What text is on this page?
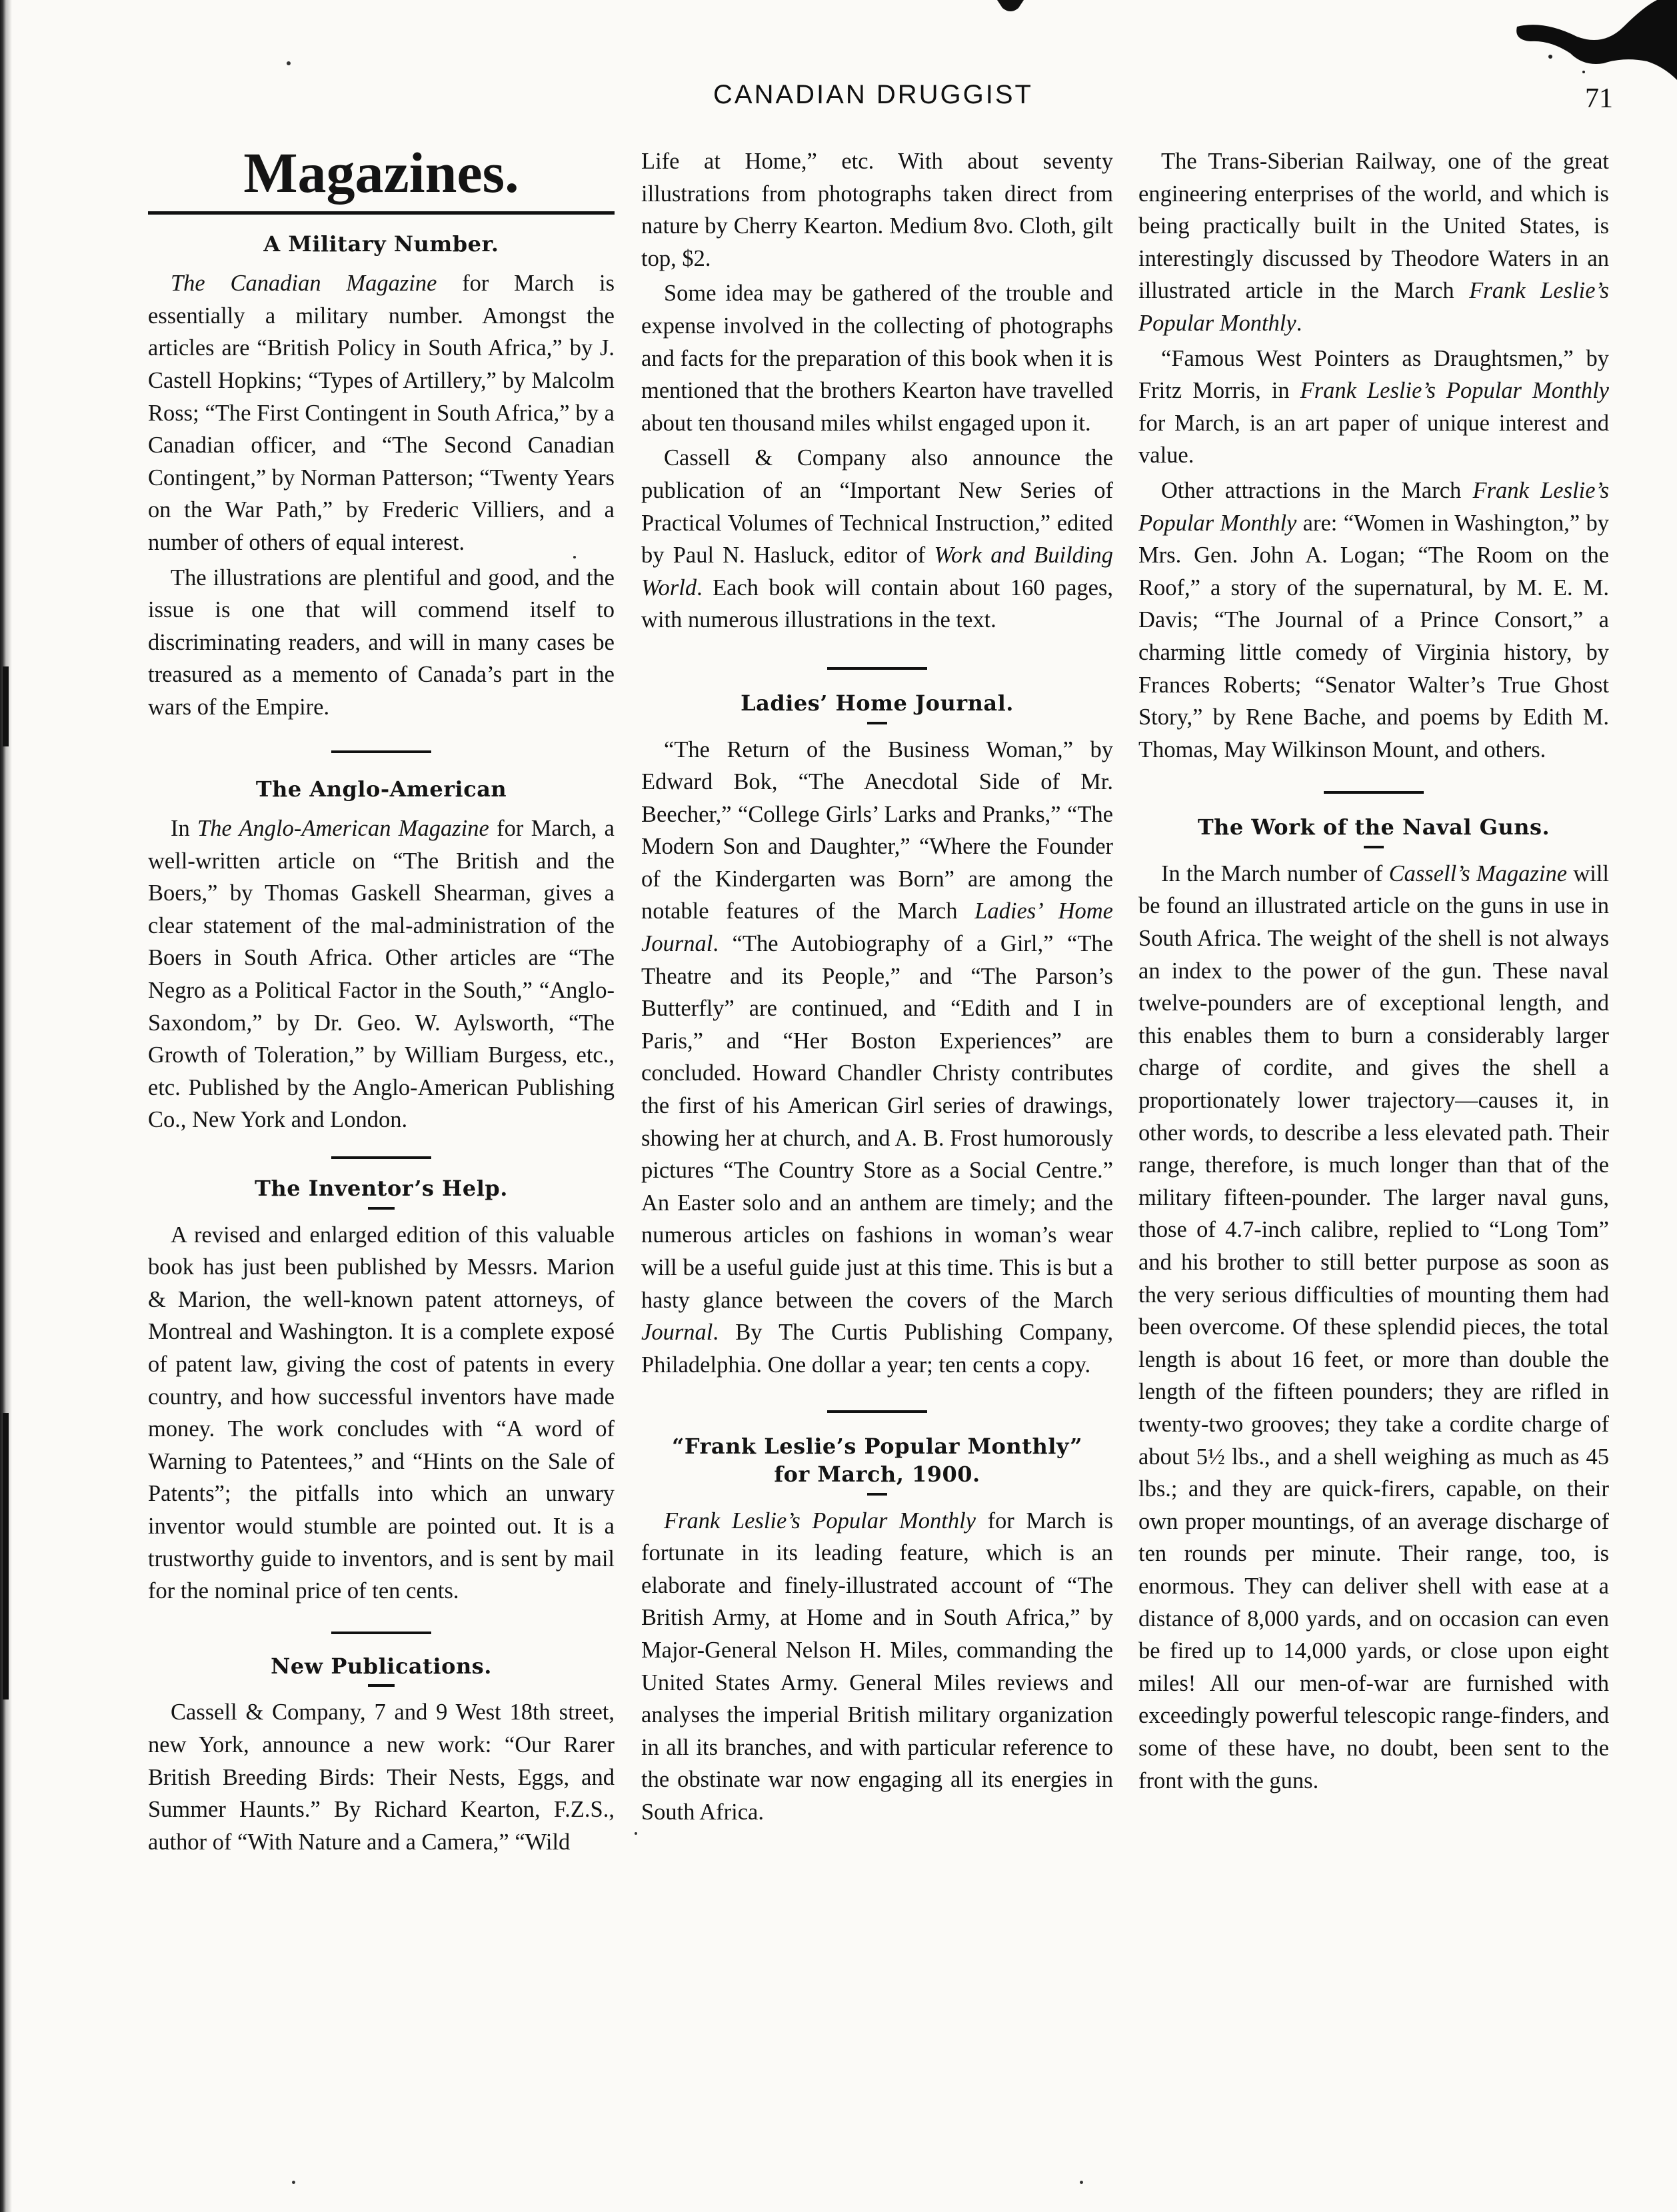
CANADIAN DRUGGIST	71
Magazines.
A Military Number.

The Canadian Magazine for March is essentially a military number. Amongst the articles are “British Policy in South Africa,” by J. Castell Hopkins; “Types of Artillery,” by Malcolm Ross; “The First Contingent in South Africa,” by a Canadian officer, and “The Second Canadian Contingent,” by Norman Patterson; “Twenty Years on the War Path,” by Frederic Villiers, and a number of others of equal interest.

The illustrations are plentiful and good, and the issue is one that will commend itself to discriminating readers, and will in many cases be treasured as a memento of Canada’s part in the wars of the Empire.

The Anglo-American

In The Anglo-American Magazine for March, a well-written article on “The British and the Boers,” by Thomas Gaskell Shearman, gives a clear statement of the mal-administration of the Boers in South Africa. Other articles are “The Negro as a Political Factor in the South,” “Anglo-Saxondom,” by Dr. Geo. W. Aylsworth, “The Growth of Toleration,” by William Burgess, etc., etc. Published by the Anglo-American Publishing Co., New York and London.

The Inventor’s Help.

A revised and enlarged edition of this valuable book has just been published by Messrs. Marion & Marion, the well-known patent attorneys, of Montreal and Washington. It is a complete exposé of patent law, giving the cost of patents in every country, and how successful inventors have made money. The work concludes with “A word of Warning to Patentees,” and “Hints on the Sale of Patents”; the pitfalls into which an unwary inventor would stumble are pointed out. It is a trustworthy guide to inventors, and is sent by mail for the nominal price of ten cents.

New Publications.

Cassell & Company, 7 and 9 West 18th street, new York, announce a new work: “Our Rarer British Breeding Birds: Their Nests, Eggs, and Summer Haunts.” By Richard Kearton, F.Z.S., author of “With Nature and a Camera,” “Wild

Life at Home,” etc. With about seventy illustrations from photographs taken direct from nature by Cherry Kearton. Medium 8vo. Cloth, gilt top, $2.

Some idea may be gathered of the trouble and expense involved in the collecting of photographs and facts for the preparation of this book when it is mentioned that the brothers Kearton have travelled about ten thousand miles whilst engaged upon it.

Cassell & Company also announce the publication of an “Important New Series of Practical Volumes of Technical Instruction,” edited by Paul N. Hasluck, editor of Work and Building World. Each book will contain about 160 pages, with numerous illustrations in the text.

Ladies’ Home Journal.

“The Return of the Business Woman,” by Edward Bok, “The Anecdotal Side of Mr. Beecher,” “College Girls’ Larks and Pranks,” “The Modern Son and Daughter,” “Where the Founder of the Kindergarten was Born” are among the notable features of the March Ladies’ Home Journal. “The Autobiography of a Girl,” “The Theatre and its People,” and “The Parson’s Butterfly” are continued, and “Edith and I in Paris,” and “Her Boston Experiences” are concluded. Howard Chandler Christy contributes the first of his American Girl series of drawings, showing her at church, and A. B. Frost humorously pictures “The Country Store as a Social Centre.” An Easter solo and an anthem are timely; and the numerous articles on fashions in woman’s wear will be a useful guide just at this time. This is but a hasty glance between the covers of the March Journal. By The Curtis Publishing Company, Philadelphia. One dollar a year; ten cents a copy.

“Frank Leslie’s Popular Monthly”
for March, 1900.

Frank Leslie’s Popular Monthly for March is fortunate in its leading feature, which is an elaborate and finely-illustrated account of “The British Army, at Home and in South Africa,” by Major-General Nelson H. Miles, commanding the United States Army. General Miles reviews and analyses the imperial British military organization in all its branches, and with particular reference to the obstinate war now engaging all its energies in South Africa.

The Trans-Siberian Railway, one of the great engineering enterprises of the world, and which is being practically built in the United States, is interestingly discussed by Theodore Waters in an illustrated article in the March Frank Leslie’s Popular Monthly.

“Famous West Pointers as Draughtsmen,” by Fritz Morris, in Frank Leslie’s Popular Monthly for March, is an art paper of unique interest and value.

Other attractions in the March Frank Leslie’s Popular Monthly are: “Women in Washington,” by Mrs. Gen. John A. Logan; “The Room on the Roof,” a story of the supernatural, by M. E. M. Davis; “The Journal of a Prince Consort,” a charming little comedy of Virginia history, by Frances Roberts; “Senator Walter’s True Ghost Story,” by Rene Bache, and poems by Edith M. Thomas, May Wilkinson Mount, and others.

The Work of the Naval Guns.

In the March number of Cassell’s Magazine will be found an illustrated article on the guns in use in South Africa. The weight of the shell is not always an index to the power of the gun. These naval twelve-pounders are of exceptional length, and this enables them to burn a considerably larger charge of cordite, and gives the shell a proportionately lower trajectory—causes it, in other words, to describe a less elevated path. Their range, therefore, is much longer than that of the military fifteen-pounder. The larger naval guns, those of 4.7-inch calibre, replied to “Long Tom” and his brother to still better purpose as soon as the very serious difficulties of mounting them had been overcome. Of these splendid pieces, the total length is about 16 feet, or more than double the length of the fifteen pounders; they are rifled in twenty-two grooves; they take a cordite charge of about 5½ lbs., and a shell weighing as much as 45 lbs.; and they are quick-firers, capable, on their own proper mountings, of an average discharge of ten rounds per minute. Their range, too, is enormous. They can deliver shell with ease at a distance of 8,000 yards, and on occasion can even be fired up to 14,000 yards, or close upon eight miles! All our men-of-war are furnished with exceedingly powerful telescopic range-finders, and some of these have, no doubt, been sent to the front with the guns.
